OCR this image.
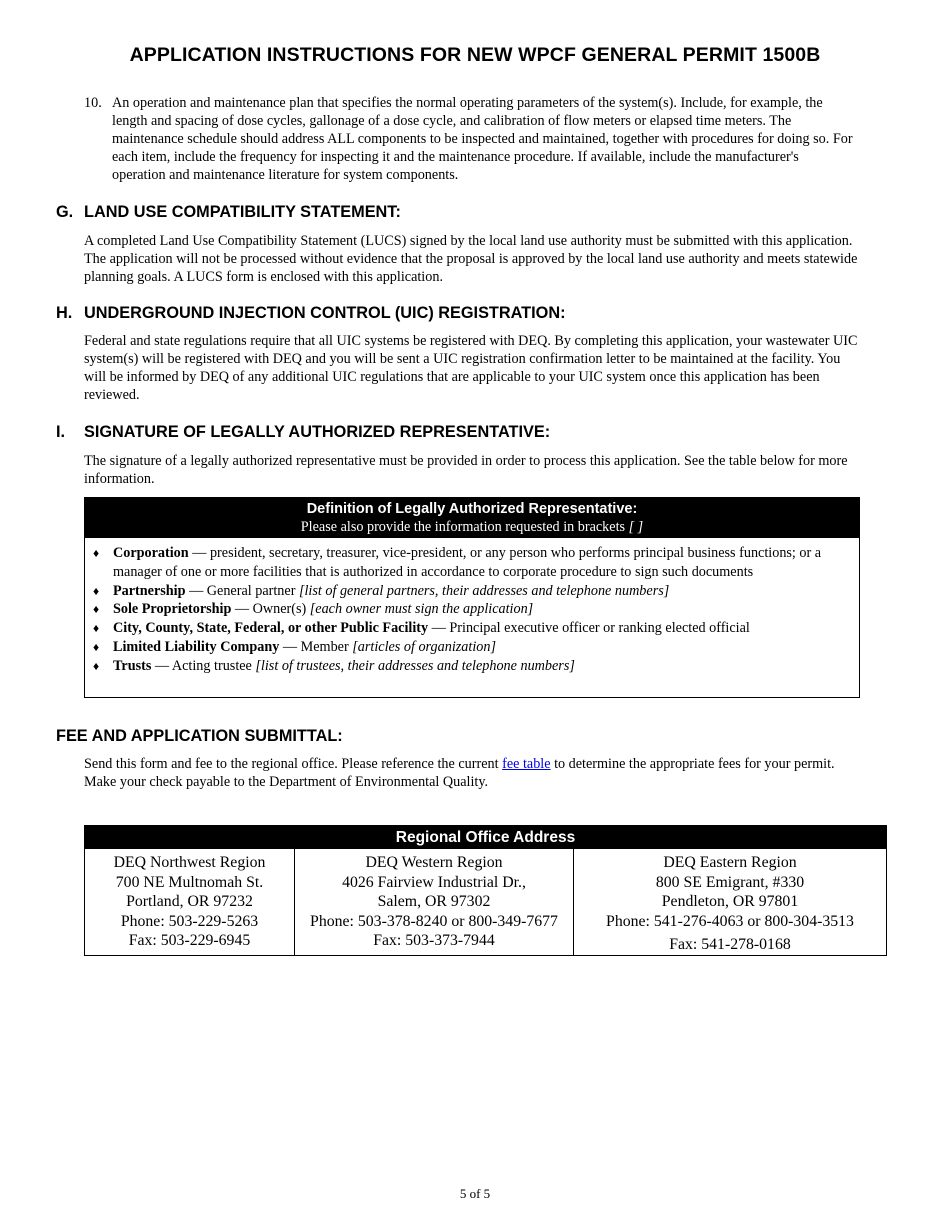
APPLICATION INSTRUCTIONS FOR NEW WPCF GENERAL PERMIT 1500B
10. An operation and maintenance plan that specifies the normal operating parameters of the system(s). Include, for example, the length and spacing of dose cycles, gallonage of a dose cycle, and calibration of flow meters or elapsed time meters. The maintenance schedule should address ALL components to be inspected and maintained, together with procedures for doing so. For each item, include the frequency for inspecting it and the maintenance procedure. If available, include the manufacturer's operation and maintenance literature for system components.
G. LAND USE COMPATIBILITY STATEMENT:
A completed Land Use Compatibility Statement (LUCS) signed by the local land use authority must be submitted with this application. The application will not be processed without evidence that the proposal is approved by the local land use authority and meets statewide planning goals. A LUCS form is enclosed with this application.
H. UNDERGROUND INJECTION CONTROL (UIC) REGISTRATION:
Federal and state regulations require that all UIC systems be registered with DEQ. By completing this application, your wastewater UIC system(s) will be registered with DEQ and you will be sent a UIC registration confirmation letter to be maintained at the facility. You will be informed by DEQ of any additional UIC regulations that are applicable to your UIC system once this application has been reviewed.
I. SIGNATURE OF LEGALLY AUTHORIZED REPRESENTATIVE:
The signature of a legally authorized representative must be provided in order to process this application. See the table below for more information.
Definition of Legally Authorized Representative:
Please also provide the information requested in brackets [ ]
♦ Corporation — president, secretary, treasurer, vice-president, or any person who performs principal business functions; or a manager of one or more facilities that is authorized in accordance to corporate procedure to sign such documents
♦ Partnership — General partner [list of general partners, their addresses and telephone numbers]
♦ Sole Proprietorship — Owner(s) [each owner must sign the application]
♦ City, County, State, Federal, or other Public Facility — Principal executive officer or ranking elected official
♦ Limited Liability Company — Member [articles of organization]
♦ Trusts — Acting trustee [list of trustees, their addresses and telephone numbers]
FEE AND APPLICATION SUBMITTAL:
Send this form and fee to the regional office. Please reference the current fee table to determine the appropriate fees for your permit. Make your check payable to the Department of Environmental Quality.
Regional Office Address
DEQ Northwest Region
700 NE Multnomah St.
Portland, OR 97232
Phone: 503-229-5263
Fax: 503-229-6945
DEQ Western Region
4026 Fairview Industrial Dr.,
Salem, OR 97302
Phone: 503-378-8240 or 800-349-7677
Fax: 503-373-7944
DEQ Eastern Region
800 SE Emigrant, #330
Pendleton, OR 97801
Phone: 541-276-4063 or 800-304-3513
Fax: 541-278-0168
5 of 5
